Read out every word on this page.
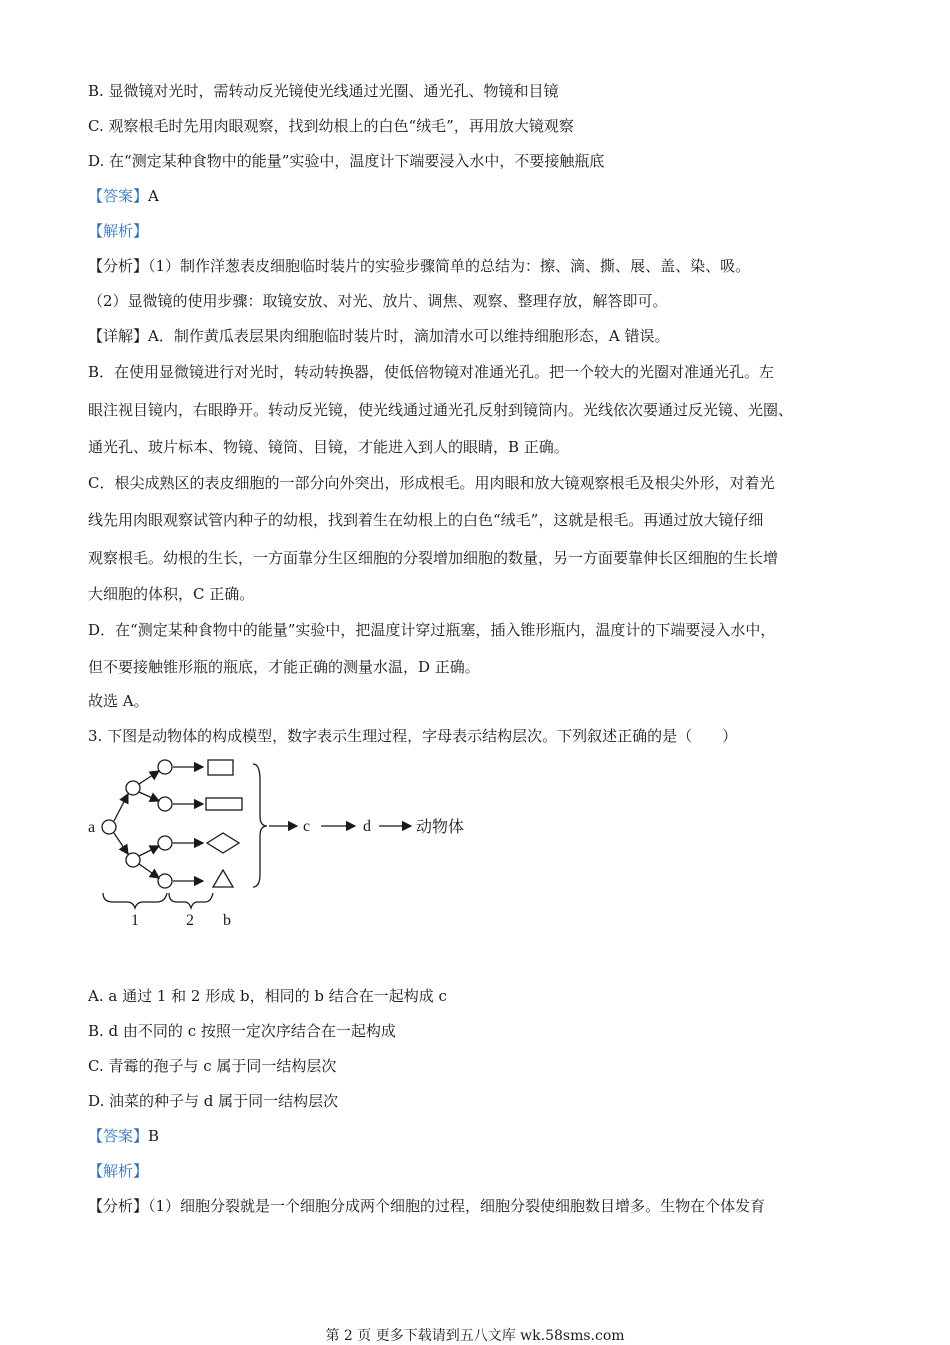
B. 显微镜对光时，需转动反光镜使光线通过光圈、通光孔、物镜和目镜
C. 观察根毛时先用肉眼观察，找到幼根上的白色“绒毛”，再用放大镜观察
D. 在“测定某种食物中的能量”实验中，温度计下端要浸入水中，不要接触瓶底
【答案】A
【解析】
【分析】（1）制作洋葱表皮细胞临时装片的实验步骤简单的总结为：擦、滴、撕、展、盖、染、吸。
（2）显微镜的使用步骤：取镜安放、对光、放片、调焦、观察、整理存放，解答即可。
【详解】A．制作黄瓜表层果肉细胞临时装片时，滴加清水可以维持细胞形态，A 错误。
B．在使用显微镜进行对光时，转动转换器，使低倍物镜对准通光孔。把一个较大的光圈对准通光孔。左
眼注视目镜内，右眼睁开。转动反光镜，使光线通过通光孔反射到镜筒内。光线依次要通过反光镜、光圈、
通光孔、玻片标本、物镜、镜筒、目镜，才能进入到人的眼睛，B 正确。
C．根尖成熟区的表皮细胞的一部分向外突出，形成根毛。用肉眼和放大镜观察根毛及根尖外形，对着光
线先用肉眼观察试管内种子的幼根，找到着生在幼根上的白色“绒毛”，这就是根毛。再通过放大镜仔细
观察根毛。幼根的生长，一方面靠分生区细胞的分裂增加细胞的数量，另一方面要靠伸长区细胞的生长增
大细胞的体积，C 正确。
D．在“测定某种食物中的能量”实验中，把温度计穿过瓶塞，插入锥形瓶内，温度计的下端要浸入水中，
但不要接触锥形瓶的瓶底，才能正确的测量水温，D 正确。
故选 A。
3. 下图是动物体的构成模型，数字表示生理过程，字母表示结构层次。下列叙述正确的是（　　）
a	c	d
1	2 b
动物体
A. a 通过 1 和 2 形成 b，相同的 b 结合在一起构成 c
B. d 由不同的 c 按照一定次序结合在一起构成
C. 青霉的孢子与 c 属于同一结构层次
D. 油菜的种子与 d 属于同一结构层次
【答案】B
【解析】
【分析】（1）细胞分裂就是一个细胞分成两个细胞的过程，细胞分裂使细胞数目增多。生物在个体发育
第 2 页 更多下载请到五八文库 wk.58sms.com
